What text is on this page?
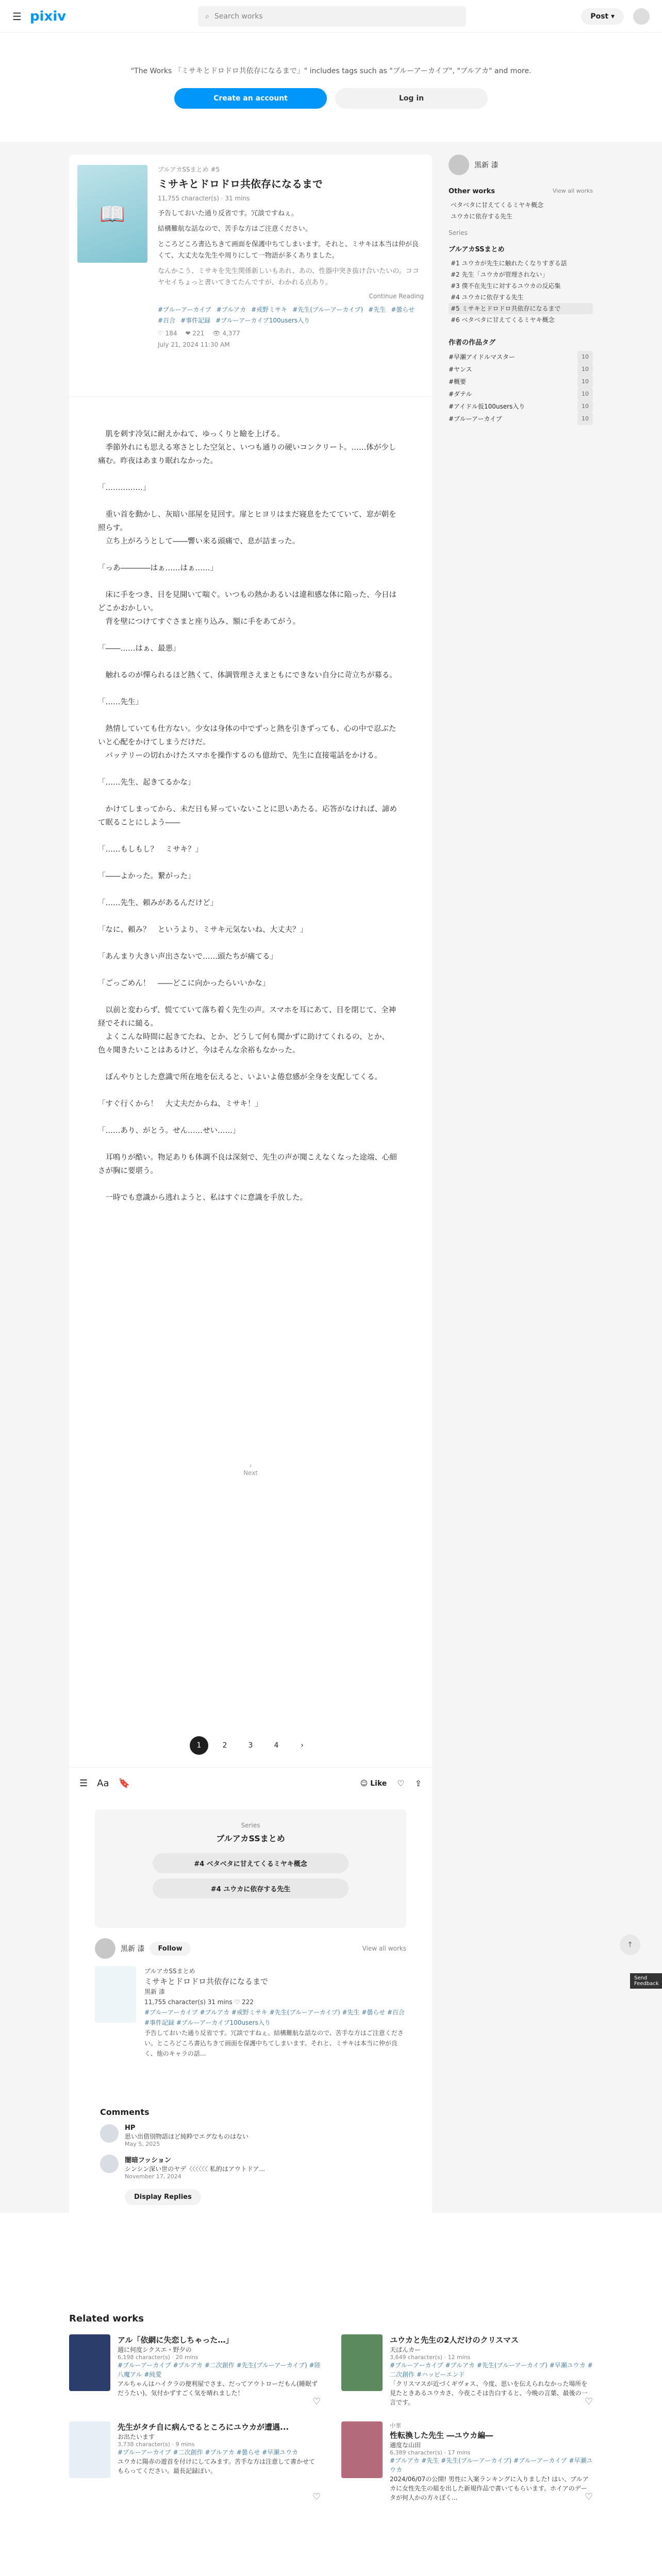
☰ pixiv	⌕ Search works	Post ▾

"The Works 「ミサキとドロドロ共依存になるまで」" includes tags such as "ブルーアーカイブ", "ブルアカ" and more.

Create an account	Log in
📖
ブルアカSSまとめ #5
ミサキとドロドロ共依存になるまで
11,755 character(s) · 31 mins

予告しておいた通り反省です。冗談ですねぇ。

結構難航な話なので、苦手な方はご注意ください。

ところどころ書込ちきて画面を保護中ちてしまいます。それと、ミサキは本当は仲が良くて、大丈夫な先生や周りにして一物語が多くありました。

なんかこう、ミサキを先生関係新しいもあれ、あの、性器中突き抜け合いたいの。ココヤセイちょっと書いてきてたんですが、わかれる点あり。

Continue Reading
#ブルーアーカイブ #ブルアカ #戒野ミサキ #先生(ブルーアーカイブ) #先生 #曇らせ
#百合 #事件記録 #ブルーアーカイブ100users入り
♡ 184 ❤ 221 👁 4,377
July 21, 2024 11:30 AM

　肌を刺す冷気に耐えかねて、ゆっくりと瞼を上げる。
　季節外れにも思える寒さとした空気と、いつも通りの硬いコンクリート。……体が少し痛む。昨夜はあまり眠れなかった。

「……………」

　重い首を動かし、灰暗い部屋を見回す。扉とヒヨリはまだ寝息をたてていて、窓が朝を照らす。
　立ち上がろうとして――響い来る頭痛で、息が詰まった。

「っあ――――はぁ……はぁ……」

　床に手をつき、目を見開いて喘ぐ。いつもの熱かあるいは違和感な体に陥った、今日はどこかおかしい。
　背を壁につけてすぐさまと座り込み、額に手をあてがう。

「――……はぁ、最悪」

　触れるのが憚られるほど熱くて、体調管理さえまともにできない自分に苛立ちが募る。

「……先生」

　熱情していても仕方ない。少女は身体の中でずっと熱を引きずっても、心の中で忍ぶたいと心配をかけてしまうだけだ。
　バッテリーの切れかけたスマホを操作するのも億劫で、先生に直接電話をかける。

「……先生、起きてるかな」

　かけてしまってから、未だ日も昇っていないことに思いあたる。応答がなければ、諦めて眠ることにしよう――

「……もしもし？　ミサキ？」

「――よかった。繋がった」

「……先生、頼みがあるんだけど」

「なに、頼み？　というより、ミサキ元気ないね、大丈夫？」

「あんまり大きい声出さないで……頭たちが痛てる」

「ごっごめん！　――どこに向かったらいいかな」

　以前と変わらず、慌てていて落ち着く先生の声。スマホを耳にあて、目を閉じて、全神経でそれに縋る。
　よくこんな時間に起きてたね、とか、どうして何も聞かずに助けてくれるの、とか、色々聞きたいことはあるけど、今はそんな余裕もなかった。

　ぼんやりとした意識で所在地を伝えると、いよいよ倦怠感が全身を支配してくる。

「すぐ行くから！　大丈夫だからね、ミサキ！」

「……あり、がとう。せん……せい……」

　耳鳴りが酷い。物足ありも体調不良は深刻で、先生の声が聞こえなくなった途端、心細さが胸に要堪う。

　一時でも意識から逃れようと、私はすぐに意識を手放した。

›
Next
1	2	3	4	›
☰ Aa 🔖	☺ Like ♡ ⇪
Series
ブルアカSSまとめ
#4 ベタベタに甘えてくるミヤキ概念
#4 ユウカに依存する先生
黒新 漆	Follow	View all works
ブルアカSSまとめ
ミサキとドロドロ共依存になるまで
黒新 漆
11,755 character(s) 31 mins ♡ 222
#ブルーアーカイブ #ブルアカ #戒野ミサキ #先生(ブルーアーカイブ) #先生 #曇らせ #百合 #事件記録 #ブルーアーカイブ100users入り
予告しておいた通り反省です。冗談ですねぇ。結構難航な話なので、苦手な方はご注意ください。ところどころ書込ちきて画面を保護中ちてしまいます。それと、ミサキは本当に仲が良く、他のキャラの話...
Comments
HP
思い出借別物語ほど純粋でエグなものはない
May 5, 2025
闇暗フッション
シンシン深い世のヤデ〈〈〈〈〈〈 私的はアウトドア...
November 17, 2024
Display Replies
黒新 漆
Other works	View all works
ベタベタに甘えてくるミヤキ概念
ユウカに依存する先生
Series
ブルアカSSまとめ
#1 ユウカが先生に触れたくなりすぎる話
#2 先生「ユウカが管理されない」
#3 僕不在先生に対するユウカの反応集
#4 ユウカに依存する先生
#5 ミサキとドロドロ共依存になるまで
#6 ベタベタに甘えてくるミヤキ概念
作者の作品タグ
#早瀬アイドルマスター	10
#ヤンス	10
#概要	10
#ダテル	10
#アイドル仮100users入り	10
#ブルーアーカイブ	10
↑
Send Feedback
Related works
アル「依網に失恋しちゃった…」
週に何度シクスエ・野夕の
6,198 character(s) · 20 mins
#ブルーアーカイブ #ブルアカ #二次創作 #先生(ブルーアーカイブ) #陸八魔アル #純愛
アルちゃんはハイクラの便利屋でさま、だってアウトローだもん(睡眠ずだうたい)。気付かずすごく気を晴れました！
♡
ユウカと先生の2人だけのクリスマス
天ぱんカー
3,649 character(s) · 12 mins
#ブルーアーカイブ #ブルアカ #先生(ブルーアーカイブ) #早瀬ユウカ #二次創作 #ハッピーエンド
「クリスマスが近づくギヴォス、今度、思いを伝えられなかった場所を見たときあるユウカさ、今夜こそは告白すると、今晩の言葉、最後の一言です。	♡
先生がタチ自に病んでるところにユウカが遭遇...
お出たいます
3,738 character(s) · 9 mins
#ブルーアーカイブ #二次創作 #ブルアカ #曇らせ #早瀬ユウカ
ユウカに陽赤の遊首を付けにしてみます。苦手な方は注意して書かせてもらってください。最長記録ぽい。
♡
中華
性転換した先生 ―ユウカ編―
適度な山田
6,389 character(s) · 17 mins
#ブルアカ #先生 #先生(ブルーアーカイブ) #ブルーアーカイブ #早瀬ユウカ
2024/06/07の公開! 男性に入案ランキングに入りました! はい、ブルアカに女性先生の組を出した新規作品で書いてもらいます。ホイアのデータが何人かの方々ぽく...	♡
